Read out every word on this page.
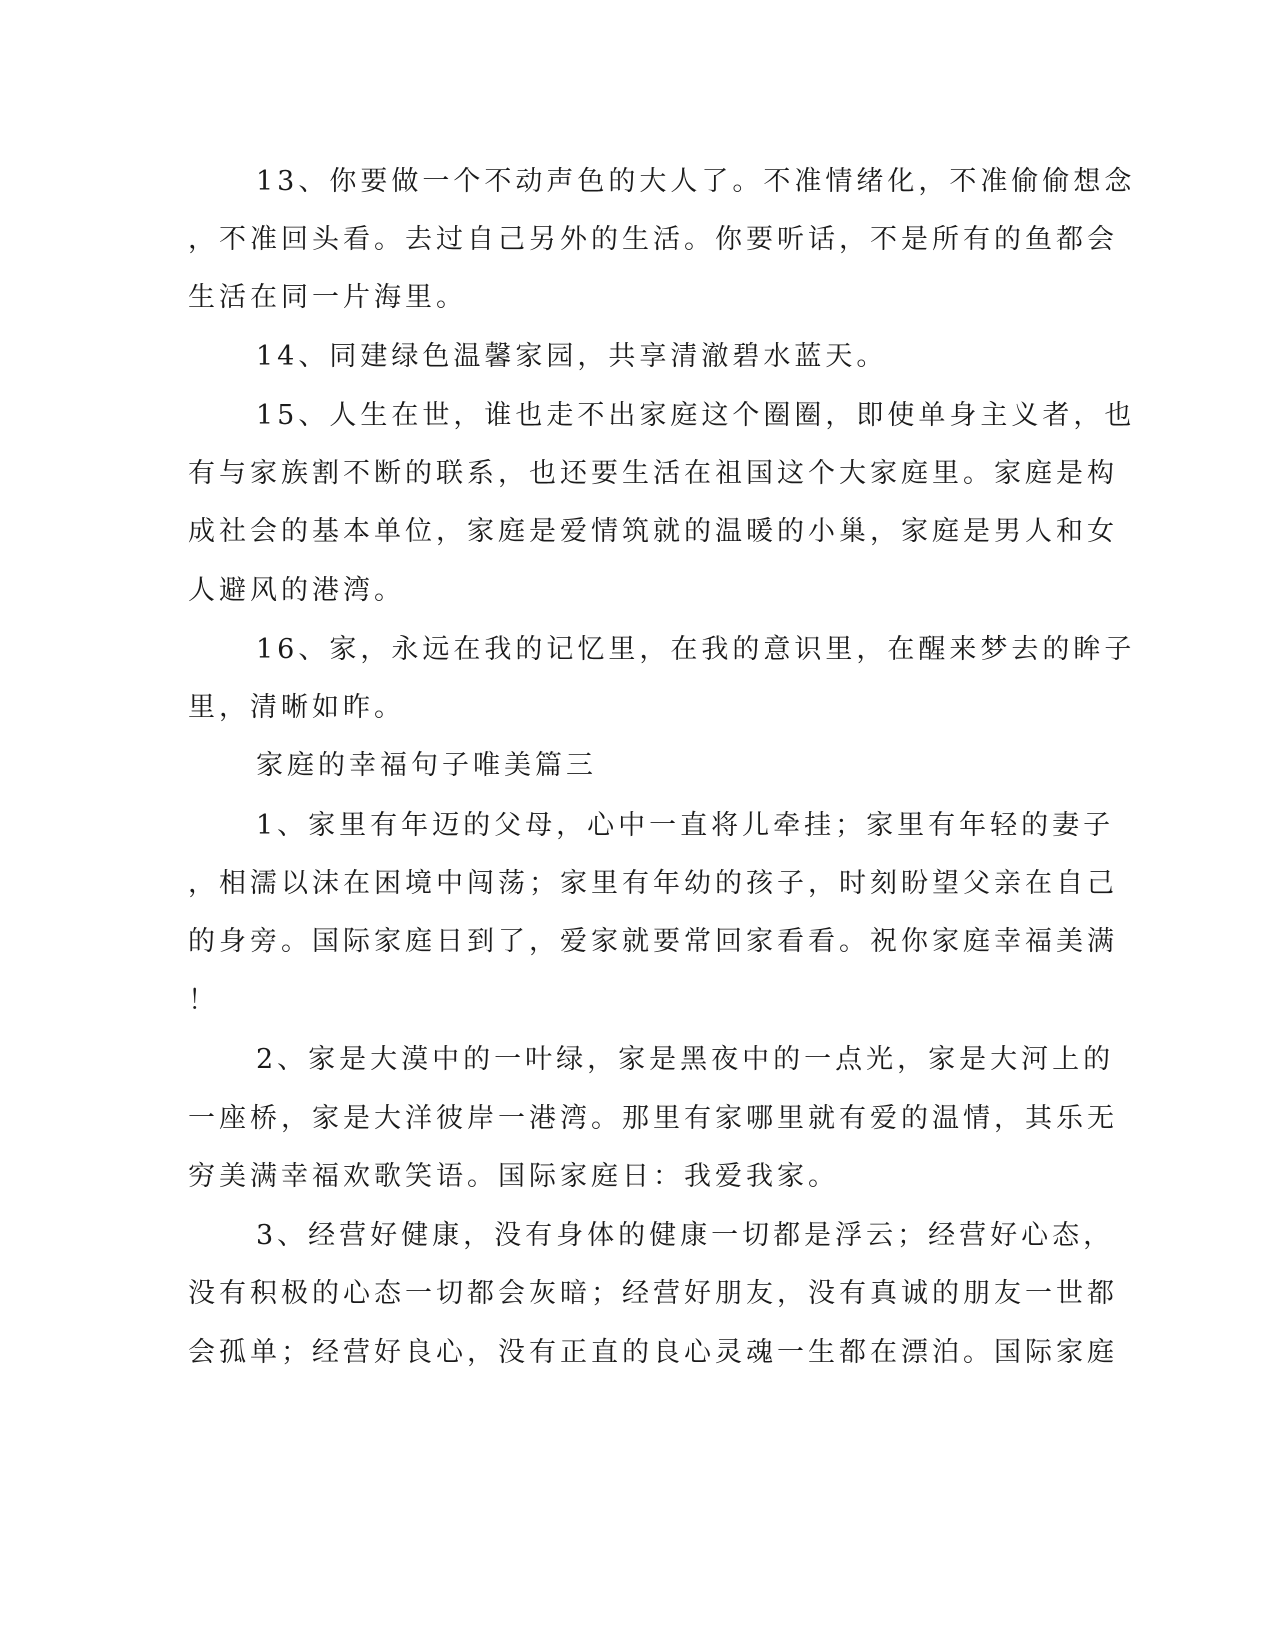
13、你要做一个不动声色的大人了。不准情绪化，不准偷偷想念
，不准回头看。去过自己另外的生活。你要听话，不是所有的鱼都会
生活在同一片海里。
14、同建绿色温馨家园，共享清澈碧水蓝天。
15、人生在世，谁也走不出家庭这个圈圈，即使单身主义者，也
有与家族割不断的联系，也还要生活在祖国这个大家庭里。家庭是构
成社会的基本单位，家庭是爱情筑就的温暖的小巢，家庭是男人和女
人避风的港湾。
16、家，永远在我的记忆里，在我的意识里，在醒来梦去的眸子
里，清晰如昨。
家庭的幸福句子唯美篇三
1、家里有年迈的父母，心中一直将儿牵挂；家里有年轻的妻子
，相濡以沫在困境中闯荡；家里有年幼的孩子，时刻盼望父亲在自己
的身旁。国际家庭日到了，爱家就要常回家看看。祝你家庭幸福美满
！
2、家是大漠中的一叶绿，家是黑夜中的一点光，家是大河上的
一座桥，家是大洋彼岸一港湾。那里有家哪里就有爱的温情，其乐无
穷美满幸福欢歌笑语。国际家庭日：我爱我家。
3、经营好健康，没有身体的健康一切都是浮云；经营好心态，
没有积极的心态一切都会灰暗；经营好朋友，没有真诚的朋友一世都
会孤单；经营好良心，没有正直的良心灵魂一生都在漂泊。国际家庭
